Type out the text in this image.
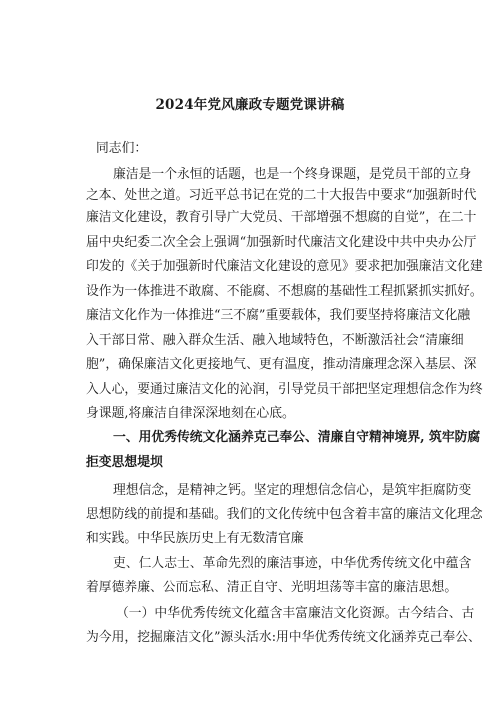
2024年党风廉政专题党课讲稿
同志们：
廉洁是一个永恒的话题，也是一个终身课题，是党员干部的立身
之本、处世之道。习近平总书记在党的二十大报告中要求“加强新时代
廉洁文化建设，教育引导广大党员、干部增强不想腐的自觉”，在二十
届中央纪委二次全会上强调“加强新时代廉洁文化建设中共中央办公厅
印发的《关于加强新时代廉洁文化建设的意见》要求把加强廉洁文化建
设作为一体推进不敢腐、不能腐、不想腐的基础性工程抓紧抓实抓好。
廉洁文化作为一体推进“三不腐”重要载体，我们要坚持将廉洁文化融
入干部日常、融入群众生活、融入地域特色，不断激活社会“清廉细
胞”，确保廉洁文化更接地气、更有温度，推动清廉理念深入基层、深
入人心，要通过廉洁文化的沁润，引导党员干部把坚定理想信念作为终
身课题,将廉洁自律深深地刻在心底。
一、用优秀传统文化涵养克己奉公、清廉自守精神境界, 筑牢防腐
拒变思想堤坝
理想信念，是精神之钙。坚定的理想信念信心，是筑牢拒腐防变
思想防线的前提和基础。我们的文化传统中包含着丰富的廉洁文化理念
和实践。中华民族历史上有无数清官廉
吏、仁人志士、革命先烈的廉洁事迹，中华优秀传统文化中蕴含
着厚德养廉、公而忘私、清正自守、光明坦荡等丰富的廉洁思想。
（一）中华优秀传统文化蕴含丰富廉洁文化资源。古今结合、古
为今用，挖掘廉洁文化”源头活水:用中华优秀传统文化涵养克己奉公、
